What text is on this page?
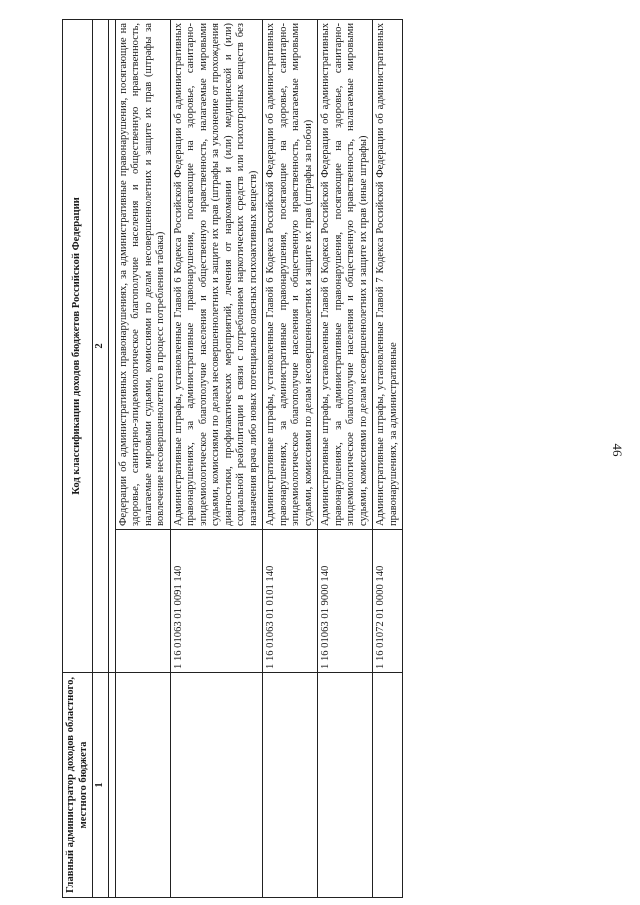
46
Главный администратор доходов областного, местного бюджета	Код классификации доходов бюджетов Российской Федерации	
1	2	

		Федерации об административных правонарушениях, за административные правонарушения, посягающие на здоровье, санитарно-эпидемиологическое благополучие населения и общественную нравственность, налагаемые мировыми судьями, комиссиями по делам несовершеннолетних и защите их прав (штрафы за вовлечение несовершеннолетнего в процесс потребления табака)
	1 16 01063 01 0091 140	Административные штрафы, установленные Главой 6 Кодекса Российской Федерации об административных правонарушениях, за административные правонарушения, посягающие на здоровье, санитарно-эпидемиологическое благополучие населения и общественную нравственность, налагаемые мировыми судьями, комиссиями по делам несовершеннолетних и защите их прав (штрафы за уклонение от прохождения диагностики, профилактических мероприятий, лечения от наркомании и (или) медицинской и (или) социальной реабилитации в связи с потреблением наркотических средств или психотропных веществ без назначения врача либо новых потенциально опасных психоактивных веществ)
	1 16 01063 01 0101 140	Административные штрафы, установленные Главой 6 Кодекса Российской Федерации об административных правонарушениях, за административные правонарушения, посягающие на здоровье, санитарно-эпидемиологическое благополучие населения и общественную нравственность, налагаемые мировыми судьями, комиссиями по делам несовершеннолетних и защите их прав (штрафы за побои)
	1 16 01063 01 9000 140	Административные штрафы, установленные Главой 6 Кодекса Российской Федерации об административных правонарушениях, за административные правонарушения, посягающие на здоровье, санитарно-эпидемиологическое благополучие населения и общественную нравственность, налагаемые мировыми судьями, комиссиями по делам несовершеннолетних и защите их прав (иные штрафы)
	1 16 01072 01 0000 140	Административные штрафы, установленные Главой 7 Кодекса Российской Федерации об административных правонарушениях, за административные
